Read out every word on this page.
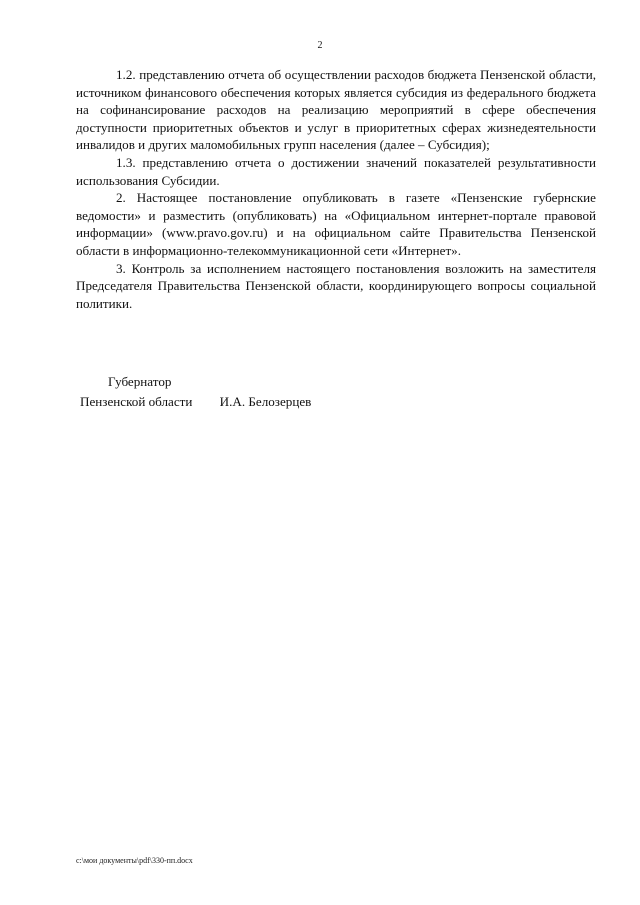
2

1.2. представлению отчета об осуществлении расходов бюджета Пензенской области, источником финансового обеспечения которых является субсидия из федерального бюджета на софинансирование расходов на реализацию мероприятий в сфере обеспечения доступности приоритетных объектов и услуг в приоритетных сферах жизнедеятельности инвалидов и других маломобильных групп населения (далее – Субсидия);

1.3. представлению отчета о достижении значений показателей результативности использования Субсидии.

2. Настоящее постановление опубликовать в газете «Пензенские губернские ведомости» и разместить (опубликовать) на «Официальном интернет-портале правовой информации» (www.pravo.gov.ru) и на официальном сайте Правительства Пензенской области в информационно-телекоммуникационной сети «Интернет».

3. Контроль за исполнением настоящего постановления возложить на заместителя Председателя Правительства Пензенской области, координирующего вопросы социальной политики.

Губернатор
Пензенской области И.А. Белозерцев
c:\мои документы\pdf\330-пп.docx
